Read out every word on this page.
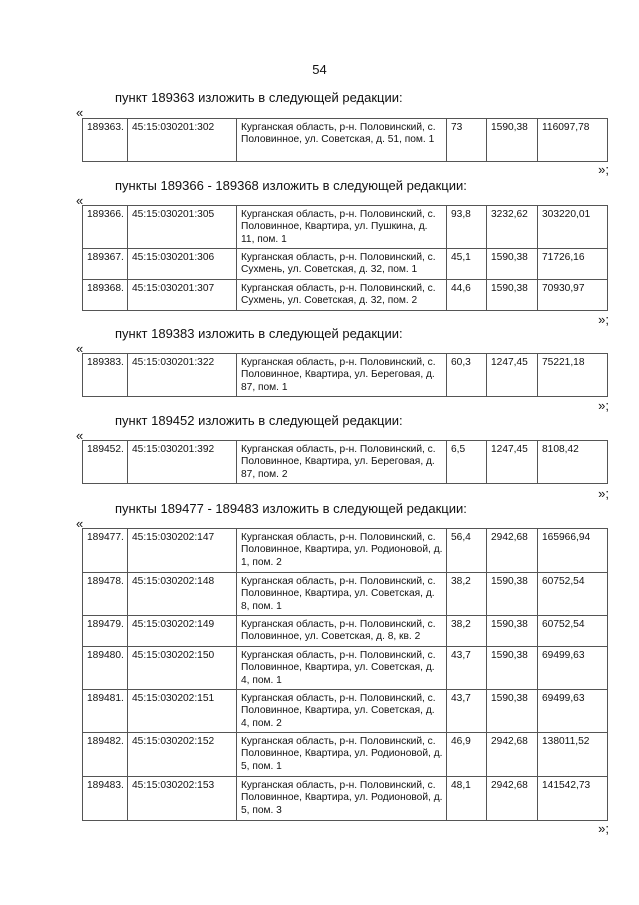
54
пункт 189363 изложить в следующей редакции:
«
189363.	45:15:030201:302	Курганская область, р-н. Половинский, с. Половинное, ул. Советская, д. 51, пом. 1	73	1590,38	116097,78
»;
пункты 189366 - 189368 изложить в следующей редакции:
«
189366.	45:15:030201:305	Курганская область, р-н. Половинский, с. Половинное, Квартира, ул. Пушкина, д. 11, пом. 1	93,8	3232,62	303220,01
189367.	45:15:030201:306	Курганская область, р-н. Половинский, с. Сухмень, ул. Советская, д. 32, пом. 1	45,1	1590,38	71726,16
189368.	45:15:030201:307	Курганская область, р-н. Половинский, с. Сухмень, ул. Советская, д. 32, пом. 2	44,6	1590,38	70930,97
»;
пункт 189383 изложить в следующей редакции:
«
189383.	45:15:030201:322	Курганская область, р-н. Половинский, с. Половинное, Квартира, ул. Береговая, д. 87, пом. 1	60,3	1247,45	75221,18
»;
пункт 189452 изложить в следующей редакции:
«
189452.	45:15:030201:392	Курганская область, р-н. Половинский, с. Половинное, Квартира, ул. Береговая, д. 87, пом. 2	6,5	1247,45	8108,42
»;
пункты 189477 - 189483 изложить в следующей редакции:
«
189477.	45:15:030202:147	Курганская область, р-н. Половинский, с. Половинное, Квартира, ул. Родионовой, д. 1, пом. 2	56,4	2942,68	165966,94
189478.	45:15:030202:148	Курганская область, р-н. Половинский, с. Половинное, Квартира, ул. Советская, д. 8, пом. 1	38,2	1590,38	60752,54
189479.	45:15:030202:149	Курганская область, р-н. Половинский, с. Половинное, ул. Советская, д. 8, кв. 2	38,2	1590,38	60752,54
189480.	45:15:030202:150	Курганская область, р-н. Половинский, с. Половинное, Квартира, ул. Советская, д. 4, пом. 1	43,7	1590,38	69499,63
189481.	45:15:030202:151	Курганская область, р-н. Половинский, с. Половинное, Квартира, ул. Советская, д. 4, пом. 2	43,7	1590,38	69499,63
189482.	45:15:030202:152	Курганская область, р-н. Половинский, с. Половинное, Квартира, ул. Родионовой, д. 5, пом. 1	46,9	2942,68	138011,52
189483.	45:15:030202:153	Курганская область, р-н. Половинский, с. Половинное, Квартира, ул. Родионовой, д. 5, пом. 3	48,1	2942,68	141542,73
»;
